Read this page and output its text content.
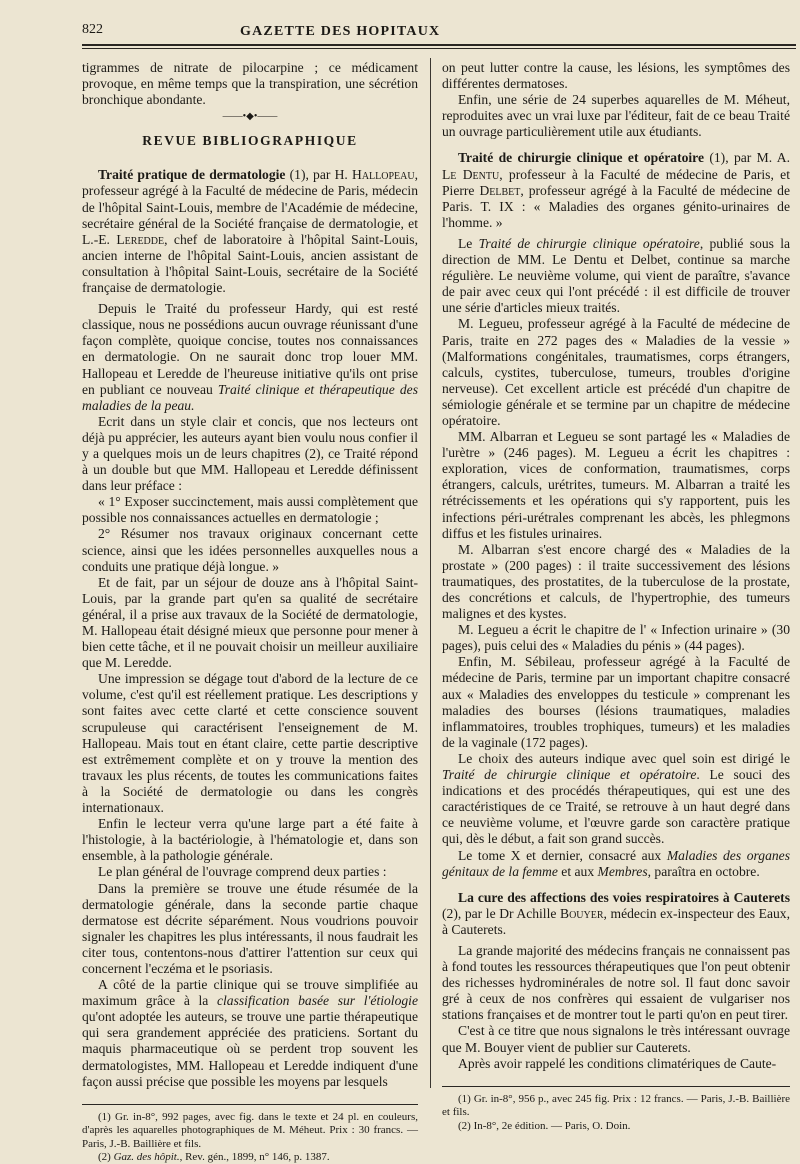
822	GAZETTE DES HOPITAUX

tigrammes de nitrate de pilocarpine ; ce médicament provoque, en même temps que la transpiration, une sécrétion bronchique abondante.

——•◆•——
REVUE BIBLIOGRAPHIQUE

Traité pratique de dermatologie (1), par H. Hallopeau, professeur agrégé à la Faculté de médecine de Paris, médecin de l'hôpital Saint-Louis, membre de l'Académie de médecine, secrétaire général de la Société française de dermatologie, et L.-E. Leredde, chef de laboratoire à l'hôpital Saint-Louis, ancien interne de l'hôpital Saint-Louis, ancien assistant de consultation à l'hôpital Saint-Louis, secrétaire de la Société française de dermatologie.

Depuis le Traité du professeur Hardy, qui est resté classique, nous ne possédions aucun ouvrage réunissant d'une façon complète, quoique concise, toutes nos connaissances en dermatologie. On ne saurait donc trop louer MM. Hallopeau et Leredde de l'heureuse initiative qu'ils ont prise en publiant ce nouveau Traité clinique et thérapeutique des maladies de la peau.

Ecrit dans un style clair et concis, que nos lecteurs ont déjà pu apprécier, les auteurs ayant bien voulu nous confier il y a quelques mois un de leurs chapitres (2), ce Traité répond à un double but que MM. Hallopeau et Leredde définissent dans leur préface :

« 1° Exposer succinctement, mais aussi complètement que possible nos connaissances actuelles en dermatologie ;

2° Résumer nos travaux originaux concernant cette science, ainsi que les idées personnelles auxquelles nous a conduits une pratique déjà longue. »

Et de fait, par un séjour de douze ans à l'hôpital Saint-Louis, par la grande part qu'en sa qualité de secrétaire général, il a prise aux travaux de la Société de dermatologie, M. Hallopeau était désigné mieux que personne pour mener à bien cette tâche, et il ne pouvait choisir un meilleur auxiliaire que M. Leredde.

Une impression se dégage tout d'abord de la lecture de ce volume, c'est qu'il est réellement pratique. Les descriptions y sont faites avec cette clarté et cette conscience souvent scrupuleuse qui caractérisent l'enseignement de M. Hallopeau. Mais tout en étant claire, cette partie descriptive est extrêmement complète et on y trouve la mention des travaux les plus récents, de toutes les communications faites à la Société de dermatologie ou dans les congrès internationaux.

Enfin le lecteur verra qu'une large part a été faite à l'histologie, à la bactériologie, à l'hématologie et, dans son ensemble, à la pathologie générale.

Le plan général de l'ouvrage comprend deux parties :

Dans la première se trouve une étude résumée de la dermatologie générale, dans la seconde partie chaque dermatose est décrite séparément. Nous voudrions pouvoir signaler les chapitres les plus intéressants, il nous faudrait les citer tous, contentons-nous d'attirer l'attention sur ceux qui concernent l'eczéma et le psoriasis.

A côté de la partie clinique qui se trouve simplifiée au maximum grâce à la classification basée sur l'étiologie qu'ont adoptée les auteurs, se trouve une partie thérapeutique qui sera grandement appréciée des praticiens. Sortant du maquis pharmaceutique où se perdent trop souvent les dermatologistes, MM. Hallopeau et Leredde indiquent d'une façon aussi précise que possible les moyens par lesquels

(1) Gr. in-8°, 992 pages, avec fig. dans le texte et 24 pl. en couleurs, d'après les aquarelles photographiques de M. Méheut. Prix : 30 francs. — Paris, J.-B. Baillière et fils.

(2) Gaz. des hôpit., Rev. gén., 1899, n° 146, p. 1387.

on peut lutter contre la cause, les lésions, les symptômes des différentes dermatoses.

Enfin, une série de 24 superbes aquarelles de M. Méheut, reproduites avec un vrai luxe par l'éditeur, fait de ce beau Traité un ouvrage particulièrement utile aux étudiants.

Traité de chirurgie clinique et opératoire (1), par M. A. Le Dentu, professeur à la Faculté de médecine de Paris, et Pierre Delbet, professeur agrégé à la Faculté de médecine de Paris. T. IX : « Maladies des organes génito-urinaires de l'homme. »

Le Traité de chirurgie clinique opératoire, publié sous la direction de MM. Le Dentu et Delbet, continue sa marche régulière. Le neuvième volume, qui vient de paraître, s'avance de pair avec ceux qui l'ont précédé : il est difficile de trouver une série d'articles mieux traités.

M. Legueu, professeur agrégé à la Faculté de médecine de Paris, traite en 272 pages des « Maladies de la vessie » (Malformations congénitales, traumatismes, corps étrangers, calculs, cystites, tuberculose, tumeurs, troubles d'origine nerveuse). Cet excellent article est précédé d'un chapitre de sémiologie générale et se termine par un chapitre de médecine opératoire.

MM. Albarran et Legueu se sont partagé les « Maladies de l'urètre » (246 pages). M. Legueu a écrit les chapitres : exploration, vices de conformation, traumatismes, corps étrangers, calculs, urétrites, tumeurs. M. Albarran a traité les rétrécissements et les opérations qui s'y rapportent, puis les infections péri-urétrales comprenant les abcès, les phlegmons diffus et les fistules urinaires.

M. Albarran s'est encore chargé des « Maladies de la prostate » (200 pages) : il traite successivement des lésions traumatiques, des prostatites, de la tuberculose de la prostate, des concrétions et calculs, de l'hypertrophie, des tumeurs malignes et des kystes.

M. Legueu a écrit le chapitre de l' « Infection urinaire » (30 pages), puis celui des « Maladies du pénis » (44 pages).

Enfin, M. Sébileau, professeur agrégé à la Faculté de médecine de Paris, termine par un important chapitre consacré aux « Maladies des enveloppes du testicule » comprenant les maladies des bourses (lésions traumatiques, maladies inflammatoires, troubles trophiques, tumeurs) et les maladies de la vaginale (172 pages).

Le choix des auteurs indique avec quel soin est dirigé le Traité de chirurgie clinique et opératoire. Le souci des indications et des procédés thérapeutiques, qui est une des caractéristiques de ce Traité, se retrouve à un haut degré dans ce neuvième volume, et l'œuvre garde son caractère pratique qui, dès le début, a fait son grand succès.

Le tome X et dernier, consacré aux Maladies des organes génitaux de la femme et aux Membres, paraîtra en octobre.

La cure des affections des voies respiratoires à Cauterets (2), par le Dr Achille Bouyer, médecin ex-inspecteur des Eaux, à Cauterets.

La grande majorité des médecins français ne connaissent pas à fond toutes les ressources thérapeutiques que l'on peut obtenir des richesses hydrominérales de notre sol. Il faut donc savoir gré à ceux de nos confrères qui essaient de vulgariser nos stations françaises et de montrer tout le parti qu'on en peut tirer.

C'est à ce titre que nous signalons le très intéressant ouvrage que M. Bouyer vient de publier sur Cauterets.

Après avoir rappelé les conditions climatériques de Caute-

(1) Gr. in-8°, 956 p., avec 245 fig. Prix : 12 francs. — Paris, J.-B. Baillière et fils.

(2) In-8°, 2e édition. — Paris, O. Doin.
